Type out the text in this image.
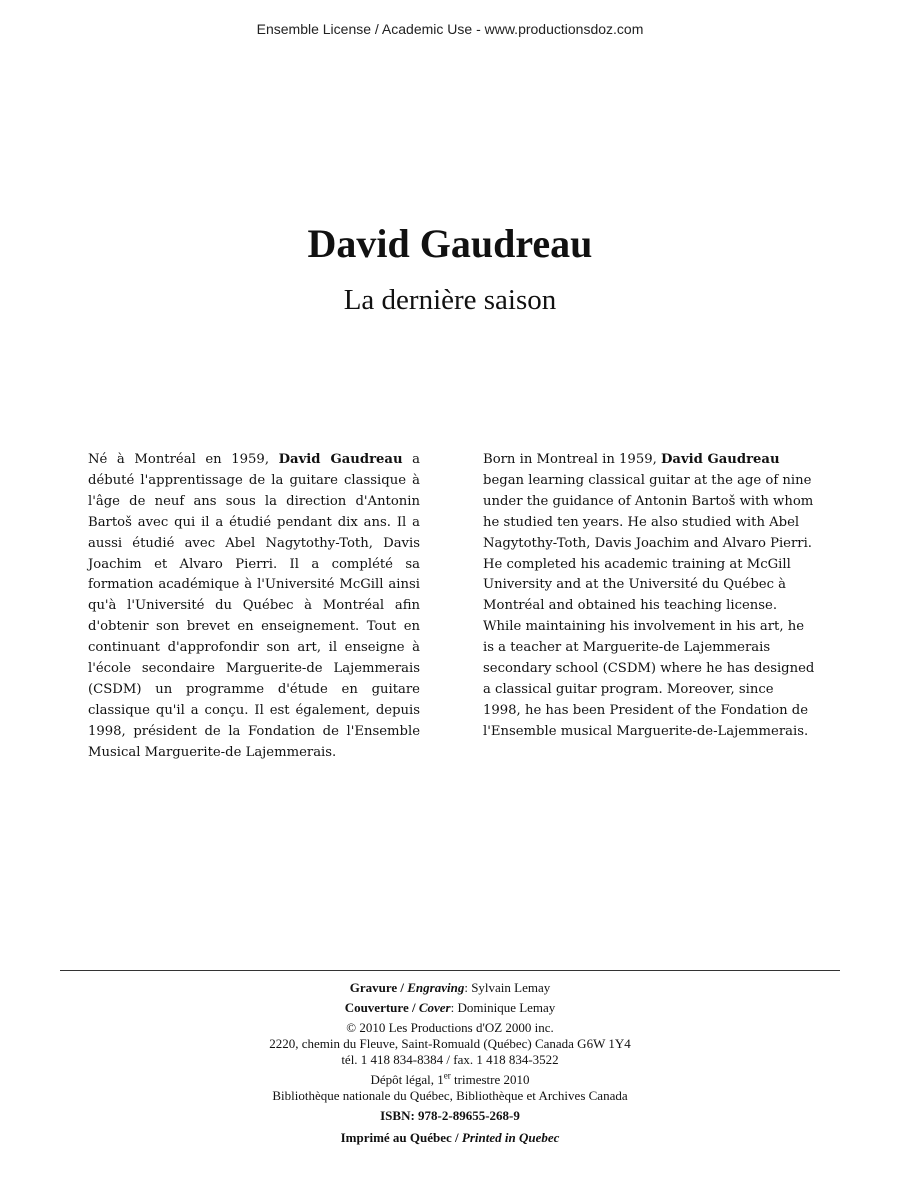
Ensemble License / Academic Use - www.productionsdoz.com
David Gaudreau
La dernière saison

Né à Montréal en 1959, David Gaudreau a débuté l'apprentissage de la guitare classique à l'âge de neuf ans sous la direction d'Antonin Bartoš avec qui il a étudié pendant dix ans. Il a aussi étudié avec Abel Nagytothy-Toth, Davis Joachim et Alvaro Pierri. Il a complété sa formation académique à l'Université McGill ainsi qu'à l'Université du Québec à Montréal afin d'obtenir son brevet en enseignement. Tout en continuant d'approfondir son art, il enseigne à l'école secondaire Marguerite-de Lajemmerais (CSDM) un programme d'étude en guitare classique qu'il a conçu. Il est également, depuis 1998, président de la Fondation de l'Ensemble Musical Marguerite-de Lajemmerais.

Born in Montreal in 1959, David Gaudreau began learning classical guitar at the age of nine under the guidance of Antonin Bartoš with whom he studied ten years. He also studied with Abel Nagytothy-Toth, Davis Joachim and Alvaro Pierri. He completed his academic training at McGill University and at the Université du Québec à Montréal and obtained his teaching license. While maintaining his involvement in his art, he is a teacher at Marguerite-de Lajemmerais secondary school (CSDM) where he has designed a classical guitar program. Moreover, since 1998, he has been President of the Fondation de l'Ensemble musical Marguerite-de-Lajemmerais.

Gravure / Engraving: Sylvain Lemay
Couverture / Cover: Dominique Lemay
© 2010 Les Productions d'OZ 2000 inc.
2220, chemin du Fleuve, Saint-Romuald (Québec) Canada G6W 1Y4
tél. 1 418 834-8384 / fax. 1 418 834-3522
Dépôt légal, 1er trimestre 2010
Bibliothèque nationale du Québec, Bibliothèque et Archives Canada
ISBN: 978-2-89655-268-9
Imprimé au Québec / Printed in Quebec
